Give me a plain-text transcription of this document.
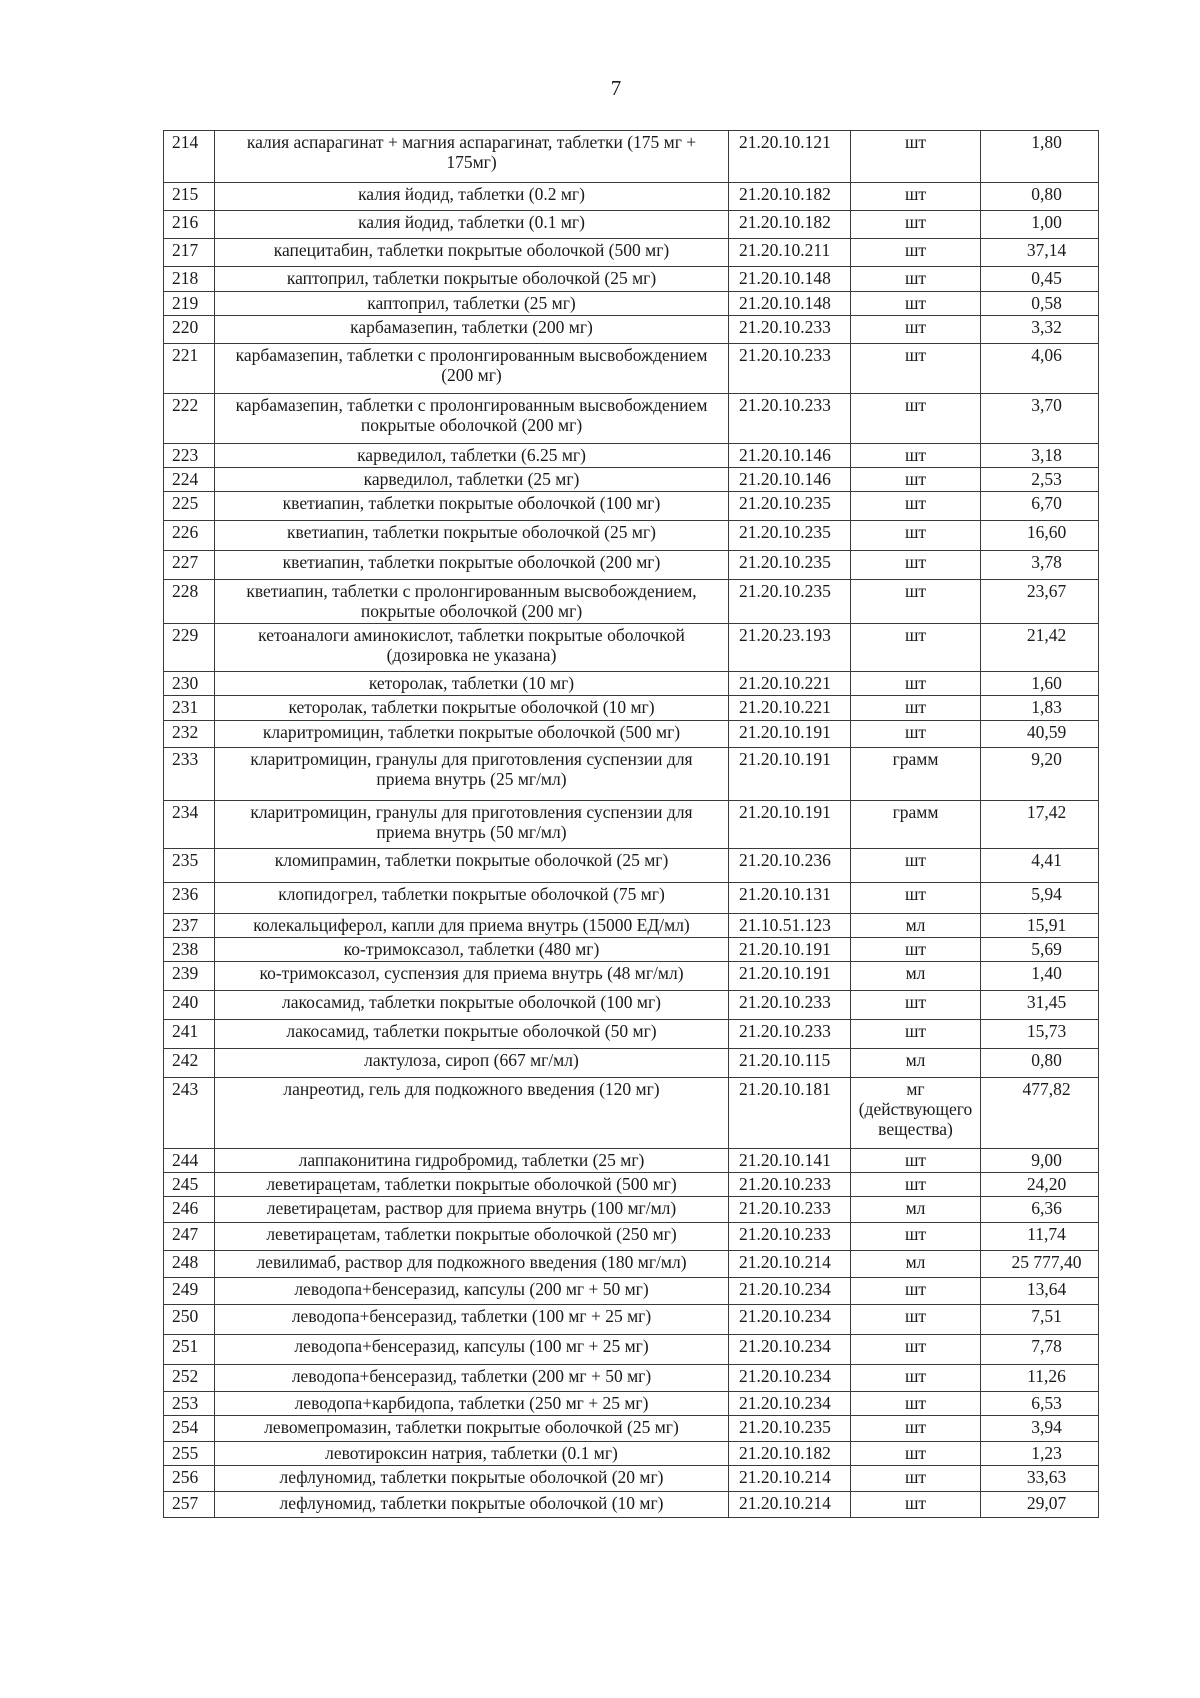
7
214	калия аспарагинат + магния аспарагинат, таблетки (175 мг + 175мг)	21.20.10.121	шт	1,80
215	калия йодид, таблетки (0.2 мг)	21.20.10.182	шт	0,80
216	калия йодид, таблетки (0.1 мг)	21.20.10.182	шт	1,00
217	капецитабин, таблетки покрытые оболочкой (500 мг)	21.20.10.211	шт	37,14
218	каптоприл, таблетки покрытые оболочкой (25 мг)	21.20.10.148	шт	0,45
219	каптоприл, таблетки (25 мг)	21.20.10.148	шт	0,58
220	карбамазепин, таблетки (200 мг)	21.20.10.233	шт	3,32
221	карбамазепин, таблетки с пролонгированным высвобождением (200 мг)	21.20.10.233	шт	4,06
222	карбамазепин, таблетки с пролонгированным высвобождением покрытые оболочкой (200 мг)	21.20.10.233	шт	3,70
223	карведилол, таблетки (6.25 мг)	21.20.10.146	шт	3,18
224	карведилол, таблетки (25 мг)	21.20.10.146	шт	2,53
225	кветиапин, таблетки покрытые оболочкой (100 мг)	21.20.10.235	шт	6,70
226	кветиапин, таблетки покрытые оболочкой (25 мг)	21.20.10.235	шт	16,60
227	кветиапин, таблетки покрытые оболочкой (200 мг)	21.20.10.235	шт	3,78
228	кветиапин, таблетки с пролонгированным высвобождением, покрытые оболочкой (200 мг)	21.20.10.235	шт	23,67
229	кетоаналоги аминокислот, таблетки покрытые оболочкой (дозировка не указана)	21.20.23.193	шт	21,42
230	кеторолак, таблетки (10 мг)	21.20.10.221	шт	1,60
231	кеторолак, таблетки покрытые оболочкой (10 мг)	21.20.10.221	шт	1,83
232	кларитромицин, таблетки покрытые оболочкой (500 мг)	21.20.10.191	шт	40,59
233	кларитромицин, гранулы для приготовления суспензии для приема внутрь (25 мг/мл)	21.20.10.191	грамм	9,20
234	кларитромицин, гранулы для приготовления суспензии для приема внутрь (50 мг/мл)	21.20.10.191	грамм	17,42
235	кломипрамин, таблетки покрытые оболочкой (25 мг)	21.20.10.236	шт	4,41
236	клопидогрел, таблетки покрытые оболочкой (75 мг)	21.20.10.131	шт	5,94
237	колекальциферол, капли для приема внутрь (15000 ЕД/мл)	21.10.51.123	мл	15,91
238	ко-тримоксазол, таблетки (480 мг)	21.20.10.191	шт	5,69
239	ко-тримоксазол, суспензия для приема внутрь (48 мг/мл)	21.20.10.191	мл	1,40
240	лакосамид, таблетки покрытые оболочкой (100 мг)	21.20.10.233	шт	31,45
241	лакосамид, таблетки покрытые оболочкой (50 мг)	21.20.10.233	шт	15,73
242	лактулоза, сироп (667 мг/мл)	21.20.10.115	мл	0,80
243	ланреотид, гель для подкожного введения (120 мг)	21.20.10.181	мг (действующего вещества)	477,82
244	лаппаконитина гидробромид, таблетки (25 мг)	21.20.10.141	шт	9,00
245	леветирацетам, таблетки покрытые оболочкой (500 мг)	21.20.10.233	шт	24,20
246	леветирацетам, раствор для приема внутрь (100 мг/мл)	21.20.10.233	мл	6,36
247	леветирацетам, таблетки покрытые оболочкой (250 мг)	21.20.10.233	шт	11,74
248	левилимаб, раствор для подкожного введения (180 мг/мл)	21.20.10.214	мл	25 777,40
249	леводопа+бенсеразид, капсулы (200 мг + 50 мг)	21.20.10.234	шт	13,64
250	леводопа+бенсеразид, таблетки (100 мг + 25 мг)	21.20.10.234	шт	7,51
251	леводопа+бенсеразид, капсулы (100 мг + 25 мг)	21.20.10.234	шт	7,78
252	леводопа+бенсеразид, таблетки (200 мг + 50 мг)	21.20.10.234	шт	11,26
253	леводопа+карбидопа, таблетки (250 мг + 25 мг)	21.20.10.234	шт	6,53
254	левомепромазин, таблетки покрытые оболочкой (25 мг)	21.20.10.235	шт	3,94
255	левотироксин натрия, таблетки (0.1 мг)	21.20.10.182	шт	1,23
256	лефлуномид, таблетки покрытые оболочкой (20 мг)	21.20.10.214	шт	33,63
257	лефлуномид, таблетки покрытые оболочкой (10 мг)	21.20.10.214	шт	29,07
